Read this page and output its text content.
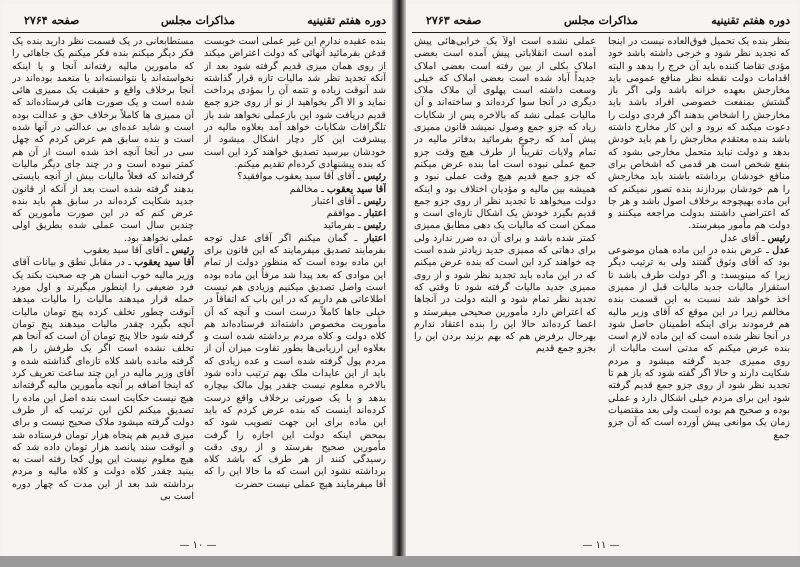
دوره هفتم تقنینیه
مذاکرات مجلس
صفحه ۲۷۶۴

بنده عقیده ندارم این غیر عملی است خوبست قدغن بفرمائید آنهائی که دولت اعتراض میکند از روی همان میزی قدیم گرفته شود بعد از آنکه تجدید نظر شد مالیات تازه قرار گذاشته شد آنوقت زیاده و تتمه آن را بمؤدی پرداخت نماید و الا اگر بخواهید از نو از روی جزو جمع قدیم دریافت شود این بازعملی نخواهد شد باز تلگرافات شکایات خواهد آمد بعلاوه مالیه در پیشرفت این کار دچار اشکال میشود از خودشان بپرسید تصدیق خواهند کرد این است که بنده پیشنهادی کرده‌ام تقدیم میکنم.

رئیس ـ آقای آقا سید یعقوب موافقید؟

آقا سید یعقوب ـ مخالفم

رئیس ـ آقای اعتبار

اعتبار ـ موافقم

رئیس ـ بفرمائید

اعتبار ـ گمان میکنم اگر آقای عدل توجه بفرمایند تصدیق میفرمایند که این قانون برای این ماده بوده است که منظور دولت از تمام این موادی که بعد پیدا شد مرفاً این ماده بوده است واصل تصدیق میکنیم وزیادی هم نیست اطلاعاتی هم داریم که در این باب که اتفاقاً در خیلی جاها کاملاً درست است و آنچه که آن مأموریت مخصوص داشته‌اند فرستاده‌اند هم کلاه دولت و کلاه مردم برداشته شده است و بعلاوه این ارزیابی‌ها بطور تفاوت میزان آن از مردم پول گرفته شده است و عده زیادی که باید از این عایدات ملک بهم ترتیب داده شود بالاخره معلوم نیست چقدر پول مالک بیچاره بدهد و با یک صورتی برخلاف واقع درست کرده‌اند اینست که بنده عرض کردم که باید این ماده برای این جهت تصویب شود که بمحض اینکه دولت این اجازه را گرفت مأمورین صحیح بفرستد و از روی دقت رسیدگی کنند از هر طرف که باشد کلاه برداشته نشود این است که ما حالا این را که آقا میفرمایند هیچ عملی نیست حضرت

مستطابعانی در یک قسمت نظر دارید بنده یک فکر دیگر میکنم بنده فکر میکنم یک جاهائی را که مامورین مالیه رفته‌اند آنجا و یا اینکه نخواسته‌اند یا نتوانسته‌اند یا متعمد بوده‌اند در آنجا برخلاف واقع و حقیقت یک ممیزی هائی شده است و یک صورت هائی فرستاده‌اند که آن ممیزی ها کاملاً برخلاف حق و عدالت بوده است و شاید عده‌ای بی عدالتی در آنها شده است و بنده سابق هم عرض کردم که چهل سی در آنجا آنچه اخذ شده است از آن هم کمتر نبوده است و در چند جای دیگر مالیات گرفته‌اند که فعلاً مالیات بیش از آنچه بایستی بدهند گرفته شده است بعد از آنکه از قانون جدید شکایت کرده‌اند در سابق هم باید بنده عرض کنم که در این صورت مأمورین که چندین سال است عملی شده بطریق اولی عملی نخواهد بود.

رئیس ـ آقای آقا سید یعقوب

آقا سید یعقوب ـ در مقابل نطق و بیانات آقای وزیر مالیه خوب انسان هر چه صحبت بکند یک فرد ضعیفی را اینطور میگیرند و اول مورد حمله قرار میدهند مالیات را مالیات میدهد آنوقت چطور تخلف کرده پنج تومان مالیات آنچه بگیرد چقدر مالیات میدهند پنج تومان گرفته شود حالا پنج تومان آن است که آنجا هم تخلف نشده است اگر یک طرفش را هم گرفته مانده باشد کلاه تازه‌ای گذاشته شده و آقای وزیر مالیه در این چند ساعت تعریف کرد که اینجا اضافه بر آنچه مأمورین مالیه گرفته‌اند هیچ نیست حکایت است بنده اصل این ماده را تصدیق میکنم لکن این ترتیب که از طرف دولت گرفته میشود ملاک صحیح نیست و برای میزی قدیم هم پنجاه هزار تومان فرستاده شد و آنوقت سند پانصد هزار تومان داده شد که هیچ معلوم نیست این پول کجا رفته است به بینید چقدر کلاه دولت و کلاه مالیه و مردم برداشته شد بعد از این مدت که چهار دوره است بی

— ۱۰ —
دوره هفتم تقنینیه
مذاکرات مجلس
صفحه ۲۷۶۳

بنظر بنده یک تحمیل فوق‌العاده نیست در اینجا که تجدید نظر شود و خرجی داشته باشد خود مؤدی تقاضا کننده باید آن خرج را بدهد و البته اقدامات دولت نقطه نظر منافع عمومی باید مخارجش بعهده خزانه باشد ولی اگر باز گشتش بمنفعت خصوصی افراد باشد باید مخارجش را اشخاص بدهند اگر فردی دولت را دعوت میکند که برود و این کار مخارج داشته باشد بنده معتقدم مخارجش را هم باید خودش بدهد و دولت نباید متحمل مخارجی بشود که بنفع شخص است هر قدمی که اشخاص برای منافع خودشان برداشته باشند باید مخارجش را هم خودشان بپردازند بنده تصور نمیکنم که این ماده بهیچوجه برخلاف اصول باشد و هر جا که اعتراضی داشتند بدولت مراجعه میکنند و دولت هم مأمور میفرستد.

رئیس ـ آقای عدل

عدل ـ عرض بنده در این ماده همان موضوعی بود که آقای وثوق گفتند ولی به ترتیب دیگر زیرا که مینویسد: و اگر دولت طرف باشد تا استقرار مالیات جدید مالیات قبل از ممیزی اخذ خواهد شد نسبت به این قسمت بنده مخالفم زیرا در این موقع که آقای وزیر مالیه هم فرمودند برای اینکه اطمینان حاصل شود در آنجا نظر شده است که این ماده لازم است بنده عرض میکنم که مدتی است مالیات از روی ممیزی جدید گرفته میشود و مردم شکایت دارند و حالا اگر گفته شود که باز هم تا تجدید نظر شود از روی جزو جمع قدیم گرفته شود این برای مردم خیلی اشکال دارد و عملی بوده و صحیح هم بوده است ولی بعد مقتضیات زمان یک موانعی پیش آورده است که آن جزو جمع

عملی نشده است اولاً یک خرابی‌هائی پیش آمده است انقلاباتی پیش آمده است بعضی املاک بکلی از بین رفته است بعضی املاک جدیداً آباد شده است بعضی املاک که خیلی وسعت داشته است پهلوی آن ملاک ملاک دیگری در آنجا سوا کرده‌اند و ساخته‌اند و آن مالیات عملی نشد که بالاخره پس از شکایات زیاد که جزو جمع وصول نمیشد قانون ممیزی پیش آمد که رجوع بفرمائید بدفاتر مالیه در تمام ولایات تقریباً از طرف هیچ وقت جزو جمع عملی نبوده است اما بنده عرض میکنم که جزو جمع قدیم هیچ وقت عملی نبود و همیشه بین مالیه و مؤدیان اختلاف بود و اینکه دولت میخواهد تا تجدید نظر از روی جزو جمع قدیم بگیرد خودش یک اشکال تازه‌ای است و ممکن است که مالیات یک دهی مطابق ممیزی کمتر شده باشد و برای آن ده ضرر ندارد ولی برای دهاتی که ممیزی جدید زیادتر شده است چه خواهند کرد این است که بنده عرض میکنم که در این ماده باید تجدید نظر شود و از روی ممیزی جدید مالیات گرفته شود تا وقتی که تجدید نظر تمام شود و البته دولت در آنجاها که اعتراض دارد مأمورین صحیحی میفرستد و اعضا کرده‌اند حالا این را بنده اعتقاد ندارم بهرحال برفرض هم که بهم بزنید بردن این را بجزو جمع قدیم

— ۱۱ —
